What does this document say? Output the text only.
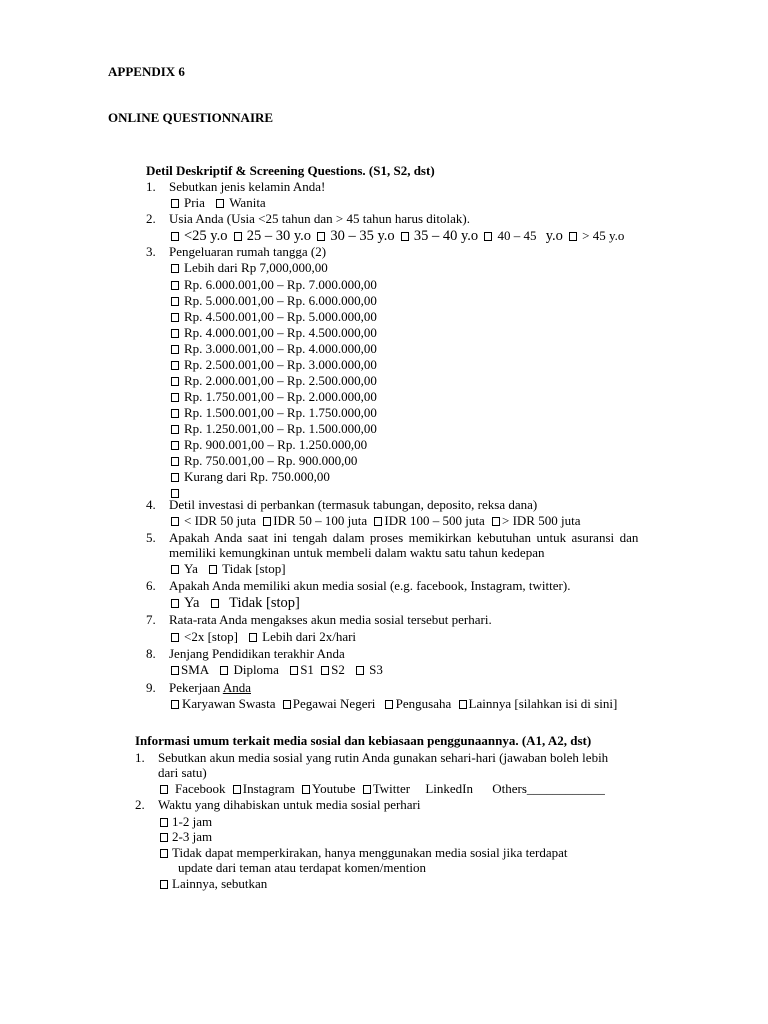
APPENDIX 6
ONLINE QUESTIONNAIRE
Detil Deskriptif & Screening Questions. (S1, S2, dst)
1. Sebutkan jenis kelamin Anda!
Pria Wanita
2. Usia Anda (Usia <25 tahun dan > 45 tahun harus ditolak).
<25 y.o 25 – 30 y.o 30 – 35 y.o 35 – 40 y.o 40 – 45 y.o > 45 y.o
3. Pengeluaran rumah tangga (2)
Lebih dari Rp 7,000,000,00
Rp. 6.000.001,00 – Rp. 7.000.000,00
Rp. 5.000.001,00 – Rp. 6.000.000,00
Rp. 4.500.001,00 – Rp. 5.000.000,00
Rp. 4.000.001,00 – Rp. 4.500.000,00
Rp. 3.000.001,00 – Rp. 4.000.000,00
Rp. 2.500.001,00 – Rp. 3.000.000,00
Rp. 2.000.001,00 – Rp. 2.500.000,00
Rp. 1.750.001,00 – Rp. 2.000.000,00
Rp. 1.500.001,00 – Rp. 1.750.000,00
Rp. 1.250.001,00 – Rp. 1.500.000,00
Rp. 900.001,00 – Rp. 1.250.000,00
Rp. 750.001,00 – Rp. 900.000,00
Kurang dari Rp. 750.000,00
4. Detil investasi di perbankan (termasuk tabungan, deposito, reksa dana)
< IDR 50 juta IDR 50 – 100 juta IDR 100 – 500 juta > IDR 500 juta
5. Apakah Anda saat ini tengah dalam proses memikirkan kebutuhan untuk asuransi dan
memiliki kemungkinan untuk membeli dalam waktu satu tahun kedepan
Ya Tidak [stop]
6. Apakah Anda memiliki akun media sosial (e.g. facebook, Instagram, twitter).
Ya Tidak [stop]
7. Rata-rata Anda mengakses akun media sosial tersebut perhari.
<2x [stop] Lebih dari 2x/hari
8. Jenjang Pendidikan terakhir Anda
SMA Diploma S1 S2 S3
9. Pekerjaan Anda
Karyawan Swasta Pegawai Negeri Pengusaha Lainnya [silahkan isi di sini]
Informasi umum terkait media sosial dan kebiasaan penggunaannya. (A1, A2, dst)
1. Sebutkan akun media sosial yang rutin Anda gunakan sehari-hari (jawaban boleh lebih
dari satu)
Facebook Instagram Youtube Twitter LinkedIn Others____________
2. Waktu yang dihabiskan untuk media sosial perhari
1-2 jam
2-3 jam
Tidak dapat memperkirakan, hanya menggunakan media sosial jika terdapat
update dari teman atau terdapat komen/mention
Lainnya, sebutkan
